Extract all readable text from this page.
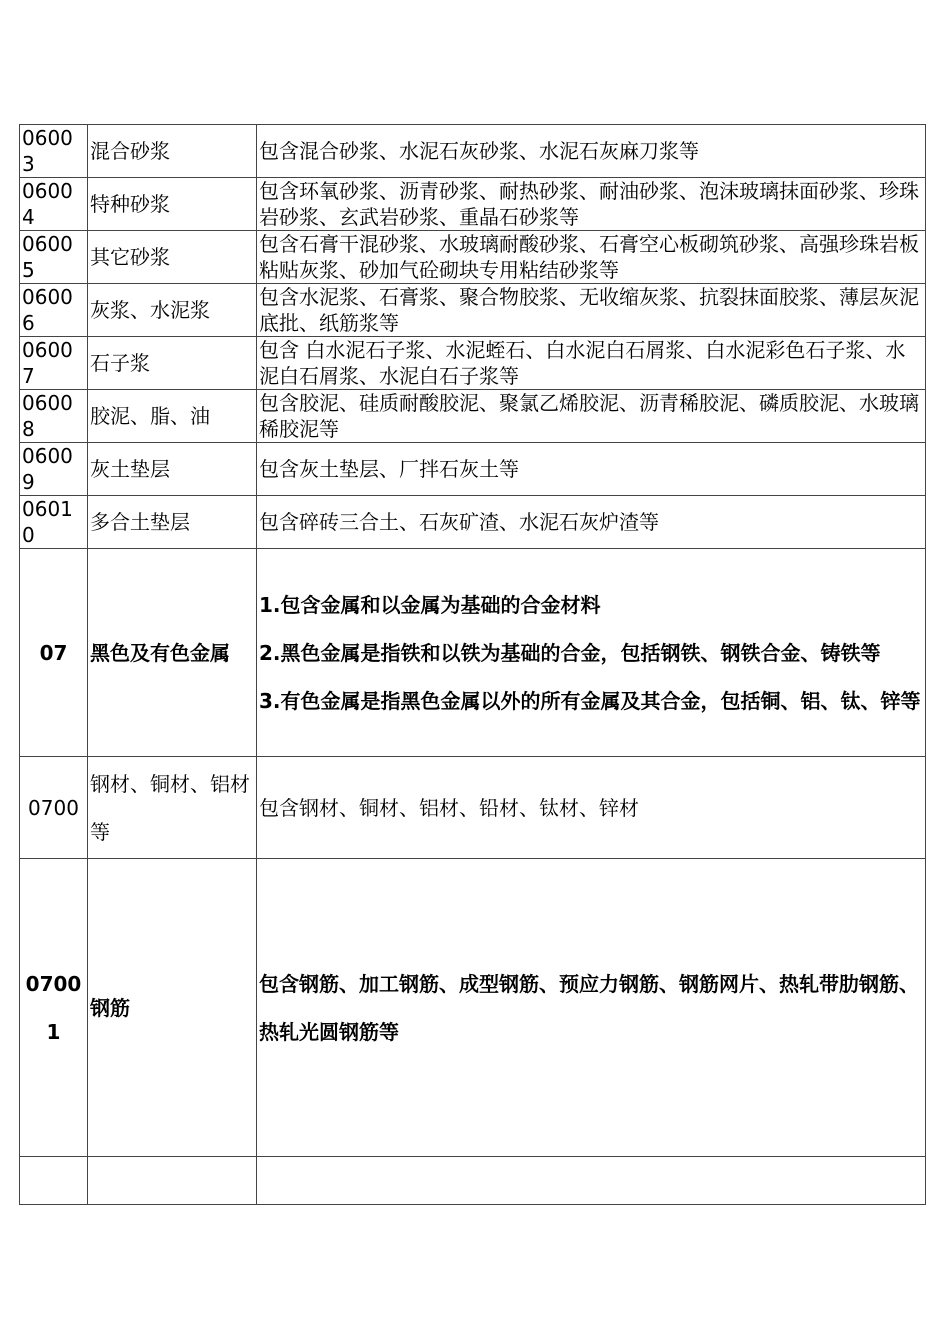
06003	混合砂浆	包含混合砂浆、水泥石灰砂浆、水泥石灰麻刀浆等
06004	特种砂浆	包含环氧砂浆、沥青砂浆、耐热砂浆、耐油砂浆、泡沫玻璃抹面砂浆、珍珠岩砂浆、玄武岩砂浆、重晶石砂浆等
06005	其它砂浆	包含石膏干混砂浆、水玻璃耐酸砂浆、石膏空心板砌筑砂浆、高强珍珠岩板粘贴灰浆、砂加气砼砌块专用粘结砂浆等
06006	灰浆、水泥浆	包含水泥浆、石膏浆、聚合物胶浆、无收缩灰浆、抗裂抹面胶浆、薄层灰泥底批、纸筋浆等
06007	石子浆	包含 白水泥石子浆、水泥蛭石、白水泥白石屑浆、白水泥彩色石子浆、水泥白石屑浆、水泥白石子浆等
06008	胶泥、脂、油	包含胶泥、硅质耐酸胶泥、聚氯乙烯胶泥、沥青稀胶泥、磷质胶泥、水玻璃稀胶泥等
06009	灰土垫层	包含灰土垫层、厂拌石灰土等
06010	多合土垫层	包含碎砖三合土、石灰矿渣、水泥石灰炉渣等
07	黑色及有色金属	1.包含金属和以金属为基础的合金材料
2.黑色金属是指铁和以铁为基础的合金，包括钢铁、钢铁合金、铸铁等
3.有色金属是指黑色金属以外的所有金属及其合金，包括铜、铝、钛、锌等

0700	钢材、铜材、铝材等	包含钢材、铜材、铝材、铅材、钛材、锌材

07001	钢筋	包含钢筋、加工钢筋、成型钢筋、预应力钢筋、钢筋网片、热轧带肋钢筋、热轧光圆钢筋等
